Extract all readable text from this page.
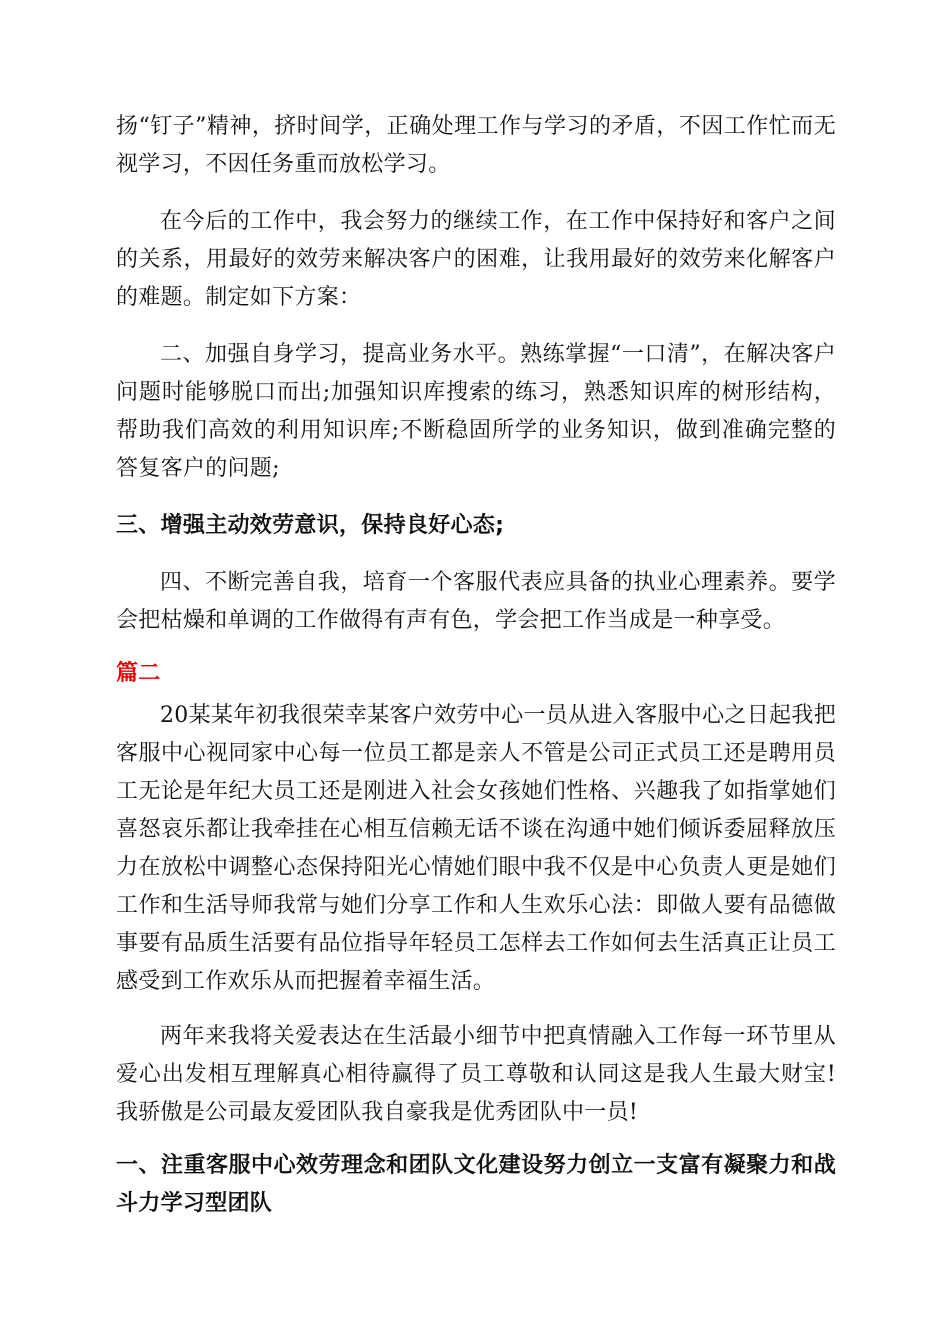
扬“钉子”精神，挤时间学，正确处理工作与学习的矛盾，不因工作忙而无视学习，不因任务重而放松学习。

在今后的工作中，我会努力的继续工作，在工作中保持好和客户之间的关系，用最好的效劳来解决客户的困难，让我用最好的效劳来化解客户的难题。制定如下方案：

二、加强自身学习，提高业务水平。熟练掌握“一口清”，在解决客户问题时能够脱口而出;加强知识库搜索的练习，熟悉知识库的树形结构，帮助我们高效的利用知识库;不断稳固所学的业务知识，做到准确完整的答复客户的问题;

三、增强主动效劳意识，保持良好心态;

四、不断完善自我，培育一个客服代表应具备的执业心理素养。要学会把枯燥和单调的工作做得有声有色，学会把工作当成是一种享受。

篇二

20某某年初我很荣幸某客户效劳中心一员从进入客服中心之日起我把客服中心视同家中心每一位员工都是亲人不管是公司正式员工还是聘用员工无论是年纪大员工还是刚进入社会女孩她们性格、兴趣我了如指掌她们喜怒哀乐都让我牵挂在心相互信赖无话不谈在沟通中她们倾诉委屈释放压力在放松中调整心态保持阳光心情她们眼中我不仅是中心负责人更是她们工作和生活导师我常与她们分享工作和人生欢乐心法：即做人要有品德做事要有品质生活要有品位指导年轻员工怎样去工作如何去生活真正让员工感受到工作欢乐从而把握着幸福生活。

两年来我将关爱表达在生活最小细节中把真情融入工作每一环节里从爱心出发相互理解真心相待赢得了员工尊敬和认同这是我人生最大财宝!我骄傲是公司最友爱团队我自豪我是优秀团队中一员!

一、注重客服中心效劳理念和团队文化建设努力创立一支富有凝聚力和战斗力学习型团队
